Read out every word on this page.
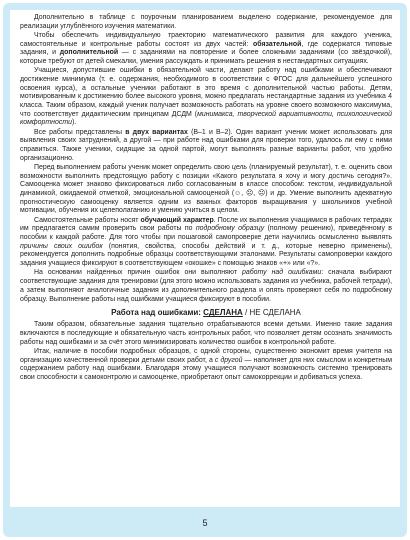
Дополнительно в таблице с поурочным планированием выделено содержание, рекомендуемое для реализации углублённого изучения математики.

Чтобы обеспечить индивидуальную траекторию математического развития для каждого ученика, самостоятельные и контрольные работы состоят из двух частей: обязательной, где содержатся типовые задания, и дополнительной — с заданиями на повторение и более сложными заданиями (со звёздочкой), которые требуют от детей смекалки, умения рассуждать и принимать решения в нестандартных ситуациях.

Учащиеся, допустившие ошибки в обязательной части, делают работу над ошибками и обеспечивают достижение минимума (т. е. содержания, необходимого в соответствии с ФГОС для дальнейшего успешного освоения курса), а остальные ученики работают в это время с дополнительной частью работы. Детям, мотивированным к достижению более высокого уровня, можно предлагать нестандартные задания из учебника 4 класса. Таким образом, каждый ученик получает возможность работать на уровне своего возможного максимума, что соответствует дидактическим принципам ДСДМ (минимакса, творческой вариативности, психологической комфортности).

Все работы представлены в двух вариантах (В–1 и В–2). Один вариант ученик может использовать для выявления своих затруднений, а другой — при работе над ошибками для проверки того, удалось ли ему с ними справиться. Также ученики, сидящие за одной партой, могут выполнять разные варианты работ, что удобно организационно.

Перед выполнением работы ученик может определить свою цель (планируемый результат), т. е. оценить свои возможности выполнить предстоящую работу с позиции «Какого результата я хочу и могу достичь сегодня?». Самооценка может знаково фиксироваться либо согласованным в классе способом: текстом, индивидуальной динамикой, ожидаемой отметкой, эмоциональной самооценкой (☺, ☹, ☹) и др. Умение выполнить адекватную прогностическую самооценку является одним из важных факторов выращивания у школьников учебной мотивации, обучения их целеполаганию и умению учиться в целом.

Самостоятельные работы носят обучающий характер. После их выполнения учащимися в рабочих тетрадях им предлагается самим проверить свои работы по подробному образцу (полному решению), приведённому в пособии к каждой работе. Для того чтобы при пошаговой самопроверке дети научились осмысленно выявлять причины своих ошибок (понятия, свойства, способы действий и т. д., которые неверно применены), рекомендуется дополнить подробные образцы соответствующими эталонами. Результаты самопроверки каждого задания учащиеся фиксируют в соответствующем «окошке» с помощью знаков «+» или «?».

На основании найденных причин ошибок они выполняют работу над ошибками: сначала выбирают соответствующие задания для тренировки (для этого можно использовать задания из учебника, рабочей тетради), а затем выполняют аналогичные задания из дополнительного раздела и опять проверяют себя по подробному образцу. Выполнение работы над ошибками учащиеся фиксируют в пособии.

Работа над ошибками: СДЕЛАНА / НЕ СДЕЛАНА

Таким образом, обязательные задания тщательно отрабатываются всеми детьми. Именно такие задания включаются в последующие и обязательную часть контрольных работ, что позволяет детям осознать значимость работы над ошибками и за счёт этого минимизировать количество ошибок в контрольной работе.

Итак, наличие в пособии подробных образцов, с одной стороны, существенно экономит время учителя на организацию качественной проверки детьми своих работ, а с другой — наполняет для них смыслом и конкретным содержанием работу над ошибками. Благодаря этому учащиеся получают возможность системно тренировать свои способности к самоконтролю и самооценке, приобретают опыт самокоррекции и добиваться успеха.

5
